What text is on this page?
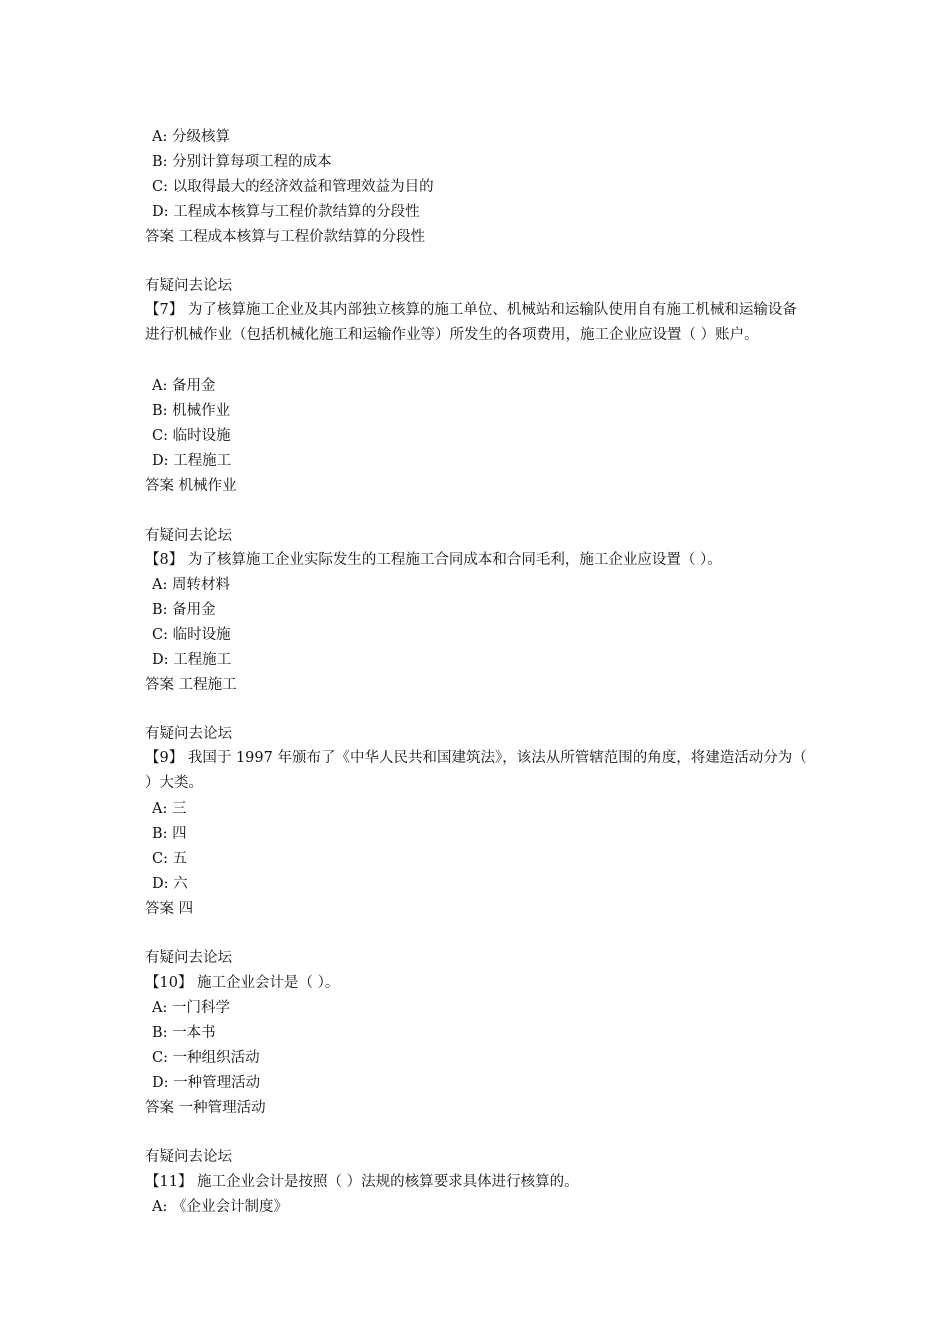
A: 分级核算
B: 分别计算每项工程的成本
C: 以取得最大的经济效益和管理效益为目的
D: 工程成本核算与工程价款结算的分段性
答案 工程成本核算与工程价款结算的分段性
有疑问去论坛
【7】 为了核算施工企业及其内部独立核算的施工单位、机械站和运输队使用自有施工机械和运输设备进行机械作业（包括机械化施工和运输作业等）所发生的各项费用，施工企业应设置（ ）账户。
A: 备用金
B: 机械作业
C: 临时设施
D: 工程施工
答案 机械作业
有疑问去论坛
【8】 为了核算施工企业实际发生的工程施工合同成本和合同毛利，施工企业应设置（ ）。
A: 周转材料
B: 备用金
C: 临时设施
D: 工程施工
答案 工程施工
有疑问去论坛
【9】 我国于 1997 年颁布了《中华人民共和国建筑法》，该法从所管辖范围的角度，将建造活动分为（ ）大类。
A: 三
B: 四
C: 五
D: 六
答案 四
有疑问去论坛
【10】 施工企业会计是（ ）。
A: 一门科学
B: 一本书
C: 一种组织活动
D: 一种管理活动
答案 一种管理活动
有疑问去论坛
【11】 施工企业会计是按照（ ）法规的核算要求具体进行核算的。
A: 《企业会计制度》
